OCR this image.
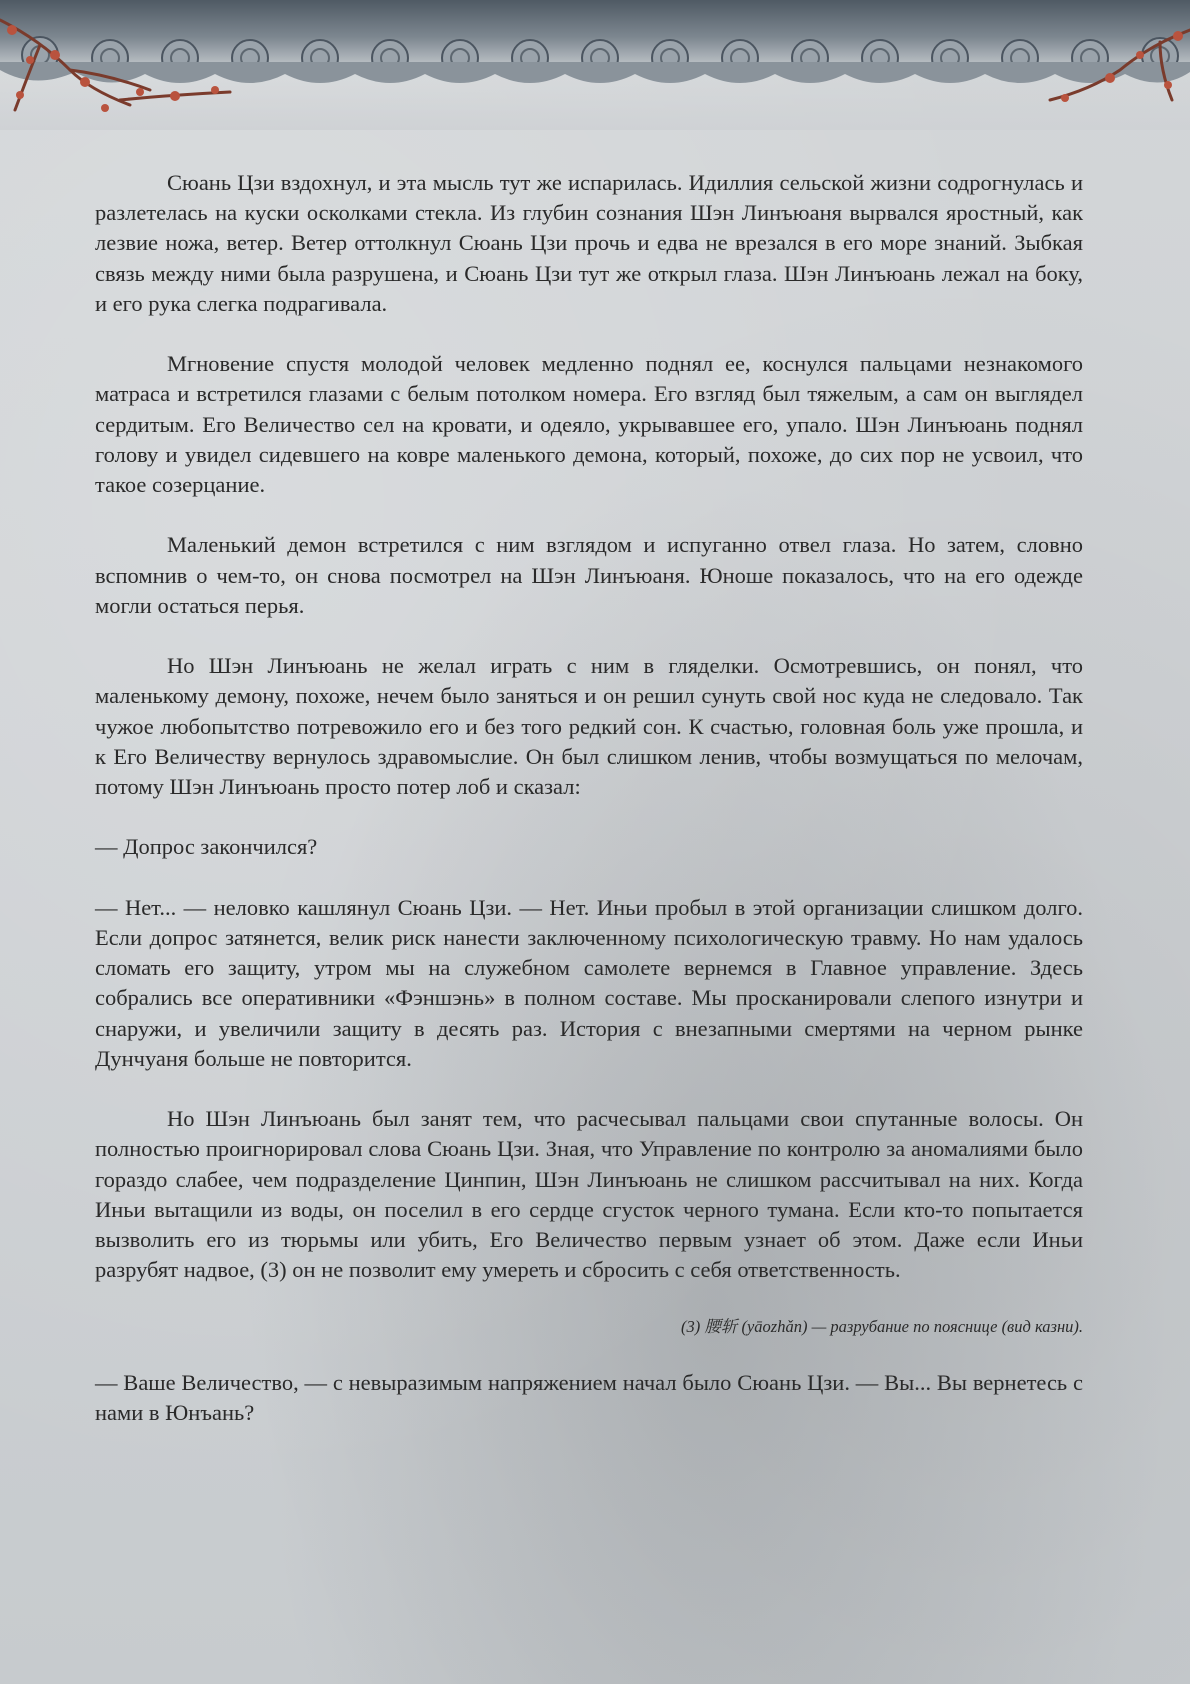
Сюань Цзи вздохнул, и эта мысль тут же испарилась. Идиллия сельской жизни содрогнулась и разлетелась на куски осколками стекла. Из глубин сознания Шэн Линъюаня вырвался яростный, как лезвие ножа, ветер. Ветер оттолкнул Сюань Цзи прочь и едва не врезался в его море знаний. Зыбкая связь между ними была разрушена, и Сюань Цзи тут же открыл глаза. Шэн Линъюань лежал на боку, и его рука слегка подрагивала.

Мгновение спустя молодой человек медленно поднял ее, коснулся пальцами незнакомого матраса и встретился глазами с белым потолком номера. Его взгляд был тяжелым, а сам он выглядел сердитым. Его Величество сел на кровати, и одеяло, укрывавшее его, упало. Шэн Линъюань поднял голову и увидел сидевшего на ковре маленького демона, который, похоже, до сих пор не усвоил, что такое созерцание.

Маленький демон встретился с ним взглядом и испуганно отвел глаза. Но затем, словно вспомнив о чем-то, он снова посмотрел на Шэн Линъюаня. Юноше показалось, что на его одежде могли остаться перья.

Но Шэн Линъюань не желал играть с ним в гляделки. Осмотревшись, он понял, что маленькому демону, похоже, нечем было заняться и он решил сунуть свой нос куда не следовало. Так чужое любопытство потревожило его и без того редкий сон. К счастью, головная боль уже прошла, и к Его Величеству вернулось здравомыслие. Он был слишком ленив, чтобы возмущаться по мелочам, потому Шэн Линъюань просто потер лоб и сказал:

— Допрос закончился?

— Нет... — неловко кашлянул Сюань Цзи. — Нет. Иньи пробыл в этой организации слишком долго. Если допрос затянется, велик риск нанести заключенному психологическую травму. Но нам удалось сломать его защиту, утром мы на служебном самолете вернемся в Главное управление. Здесь собрались все оперативники «Фэншэнь» в полном составе. Мы просканировали слепого изнутри и снаружи, и увеличили защиту в десять раз. История с внезапными смертями на черном рынке Дунчуаня больше не повторится.

Но Шэн Линъюань был занят тем, что расчесывал пальцами свои спутанные волосы. Он полностью проигнорировал слова Сюань Цзи. Зная, что Управление по контролю за аномалиями было гораздо слабее, чем подразделение Цинпин, Шэн Линъюань не слишком рассчитывал на них. Когда Иньи вытащили из воды, он поселил в его сердце сгусток черного тумана. Если кто-то попытается вызволить его из тюрьмы или убить, Его Величество первым узнает об этом. Даже если Иньи разрубят надвое, (3) он не позволит ему умереть и сбросить с себя ответственность.

(3) 腰斩 (yāozhǎn) — разрубание по пояснице (вид казни).

— Ваше Величество, — с невыразимым напряжением начал было Сюань Цзи. — Вы... Вы вернетесь с нами в Юнъань?
